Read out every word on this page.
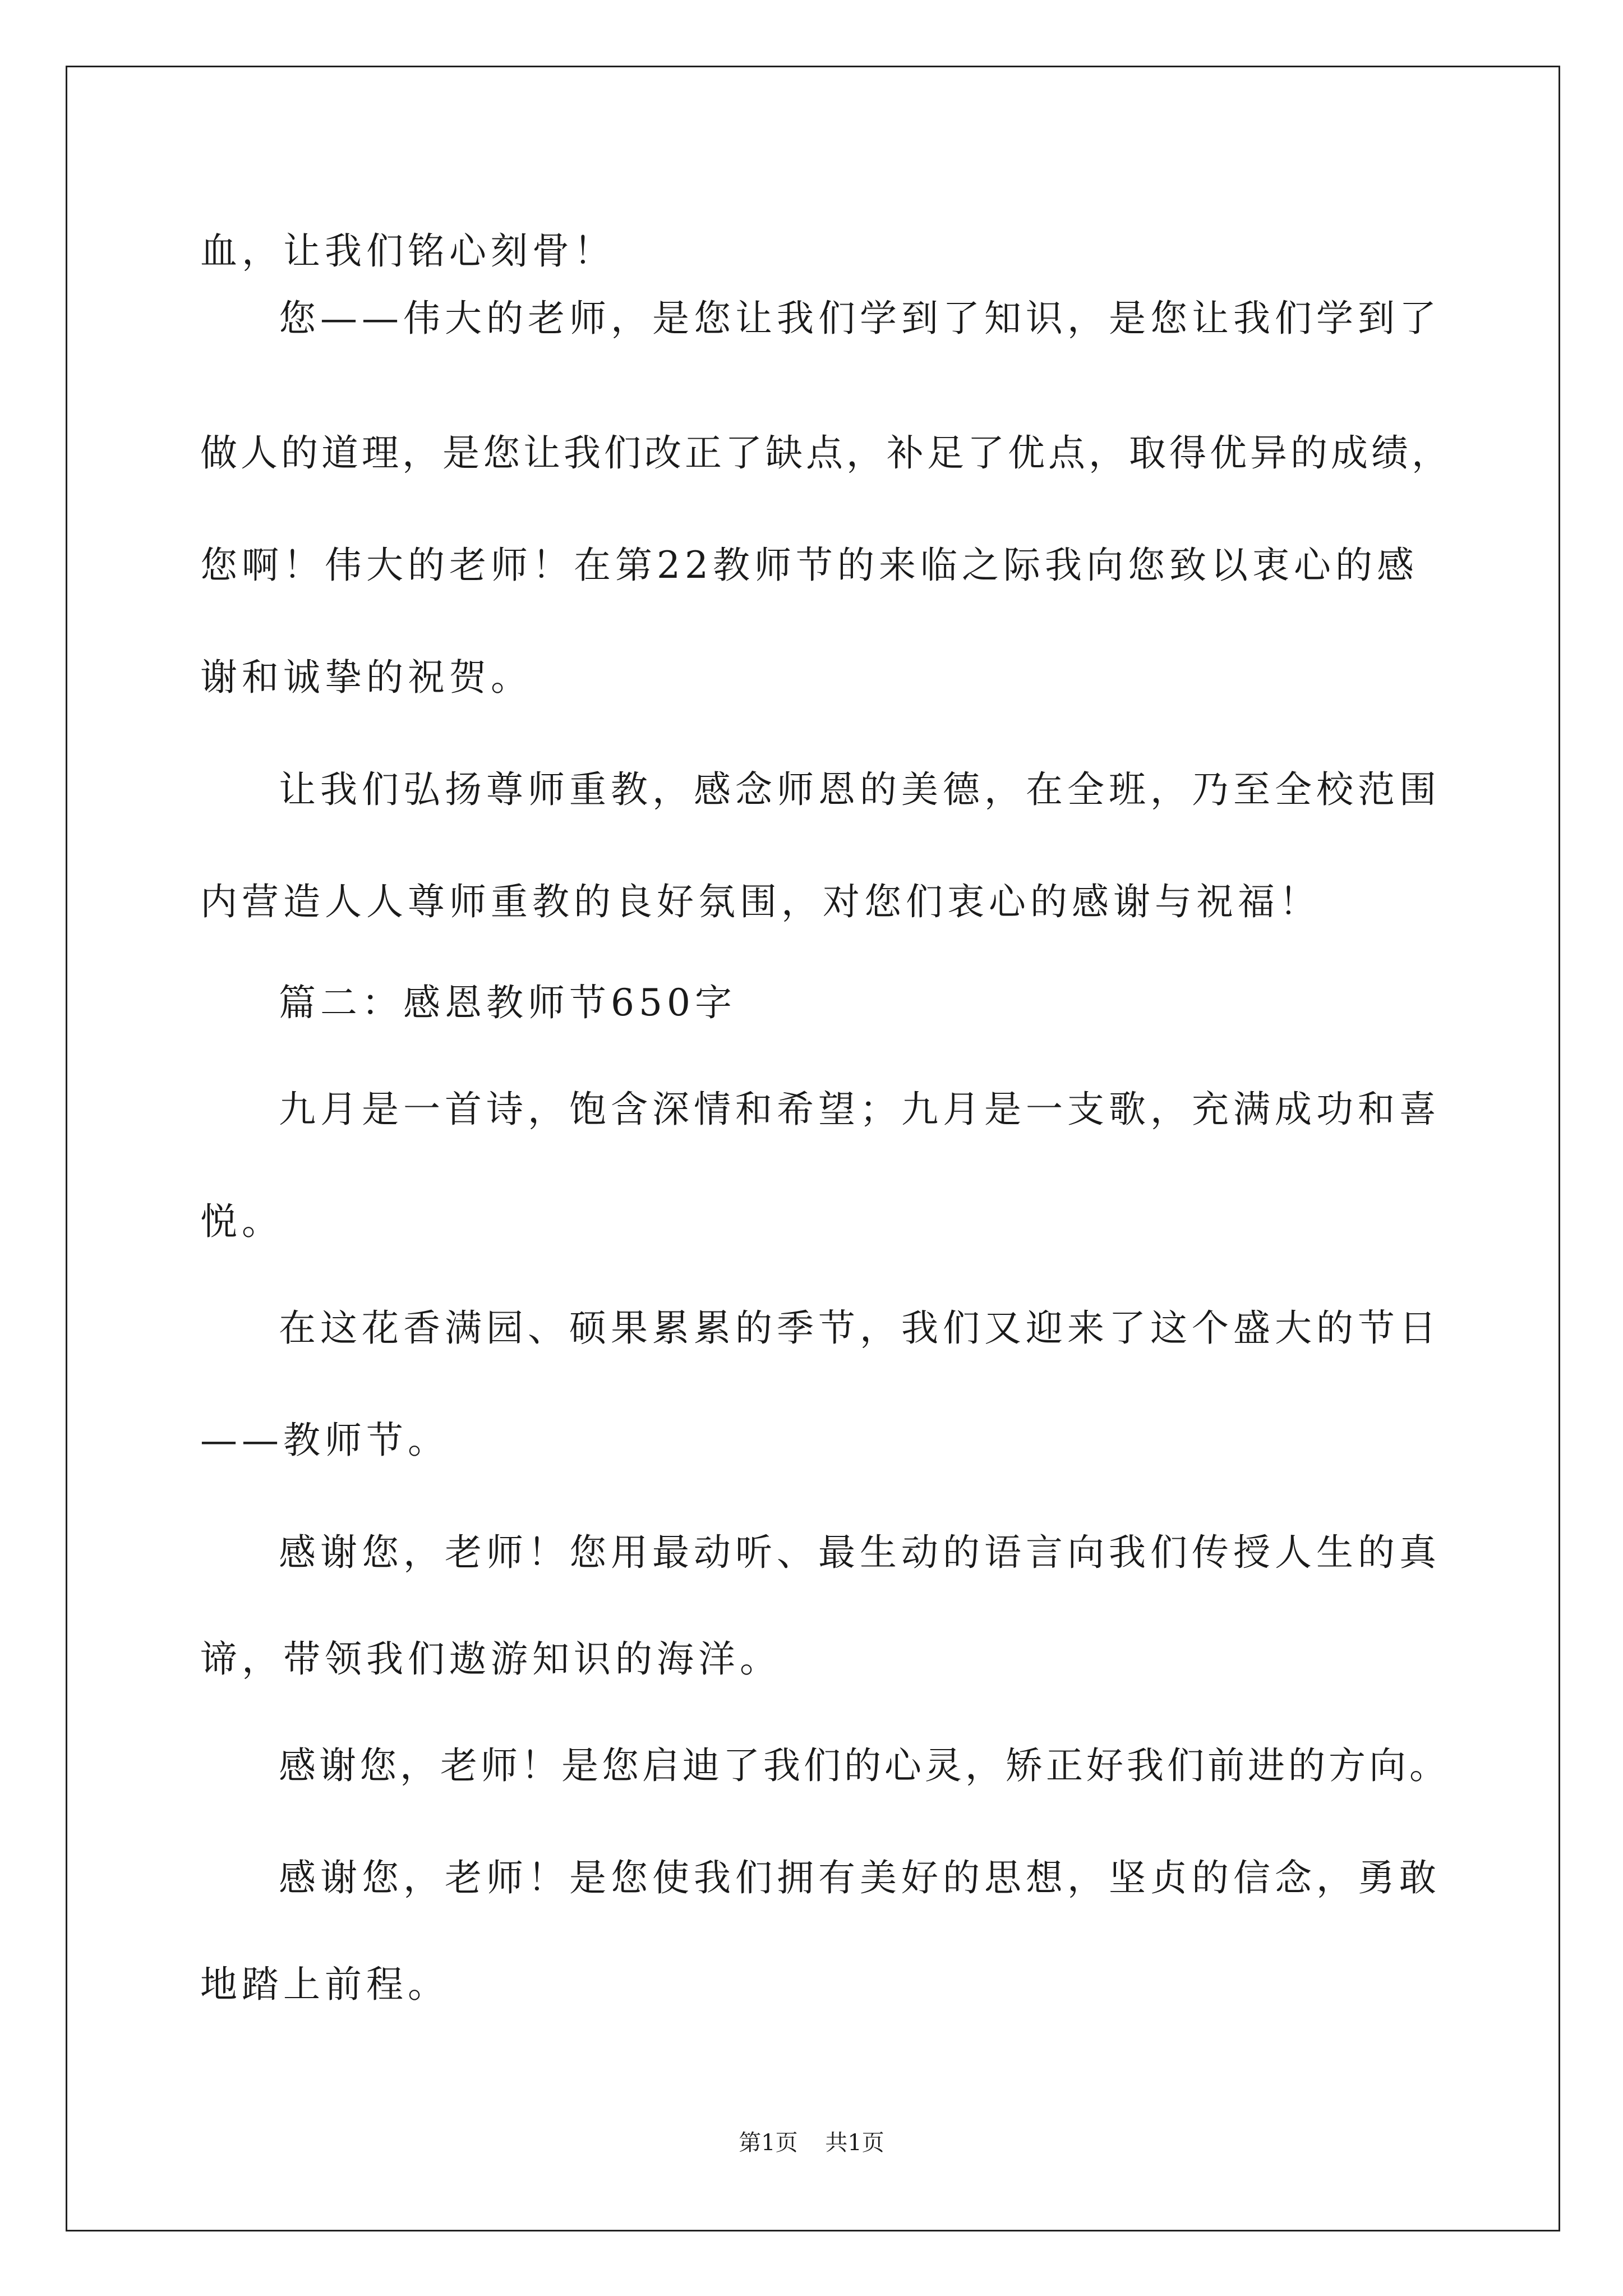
血，让我们铭心刻骨！
您——伟大的老师，是您让我们学到了知识，是您让我们学到了
做人的道理，是您让我们改正了缺点，补足了优点，取得优异的成绩，
您啊！伟大的老师！在第22教师节的来临之际我向您致以衷心的感
谢和诚挚的祝贺。
让我们弘扬尊师重教，感念师恩的美德，在全班，乃至全校范围
内营造人人尊师重教的良好氛围，对您们衷心的感谢与祝福！
篇二：感恩教师节650字
九月是一首诗，饱含深情和希望；九月是一支歌，充满成功和喜
悦。
在这花香满园、硕果累累的季节，我们又迎来了这个盛大的节日
——教师节。
感谢您，老师！您用最动听、最生动的语言向我们传授人生的真
谛，带领我们遨游知识的海洋。
感谢您，老师！是您启迪了我们的心灵，矫正好我们前进的方向。
感谢您，老师！是您使我们拥有美好的思想，坚贞的信念，勇敢
地踏上前程。
第1页 共1页
